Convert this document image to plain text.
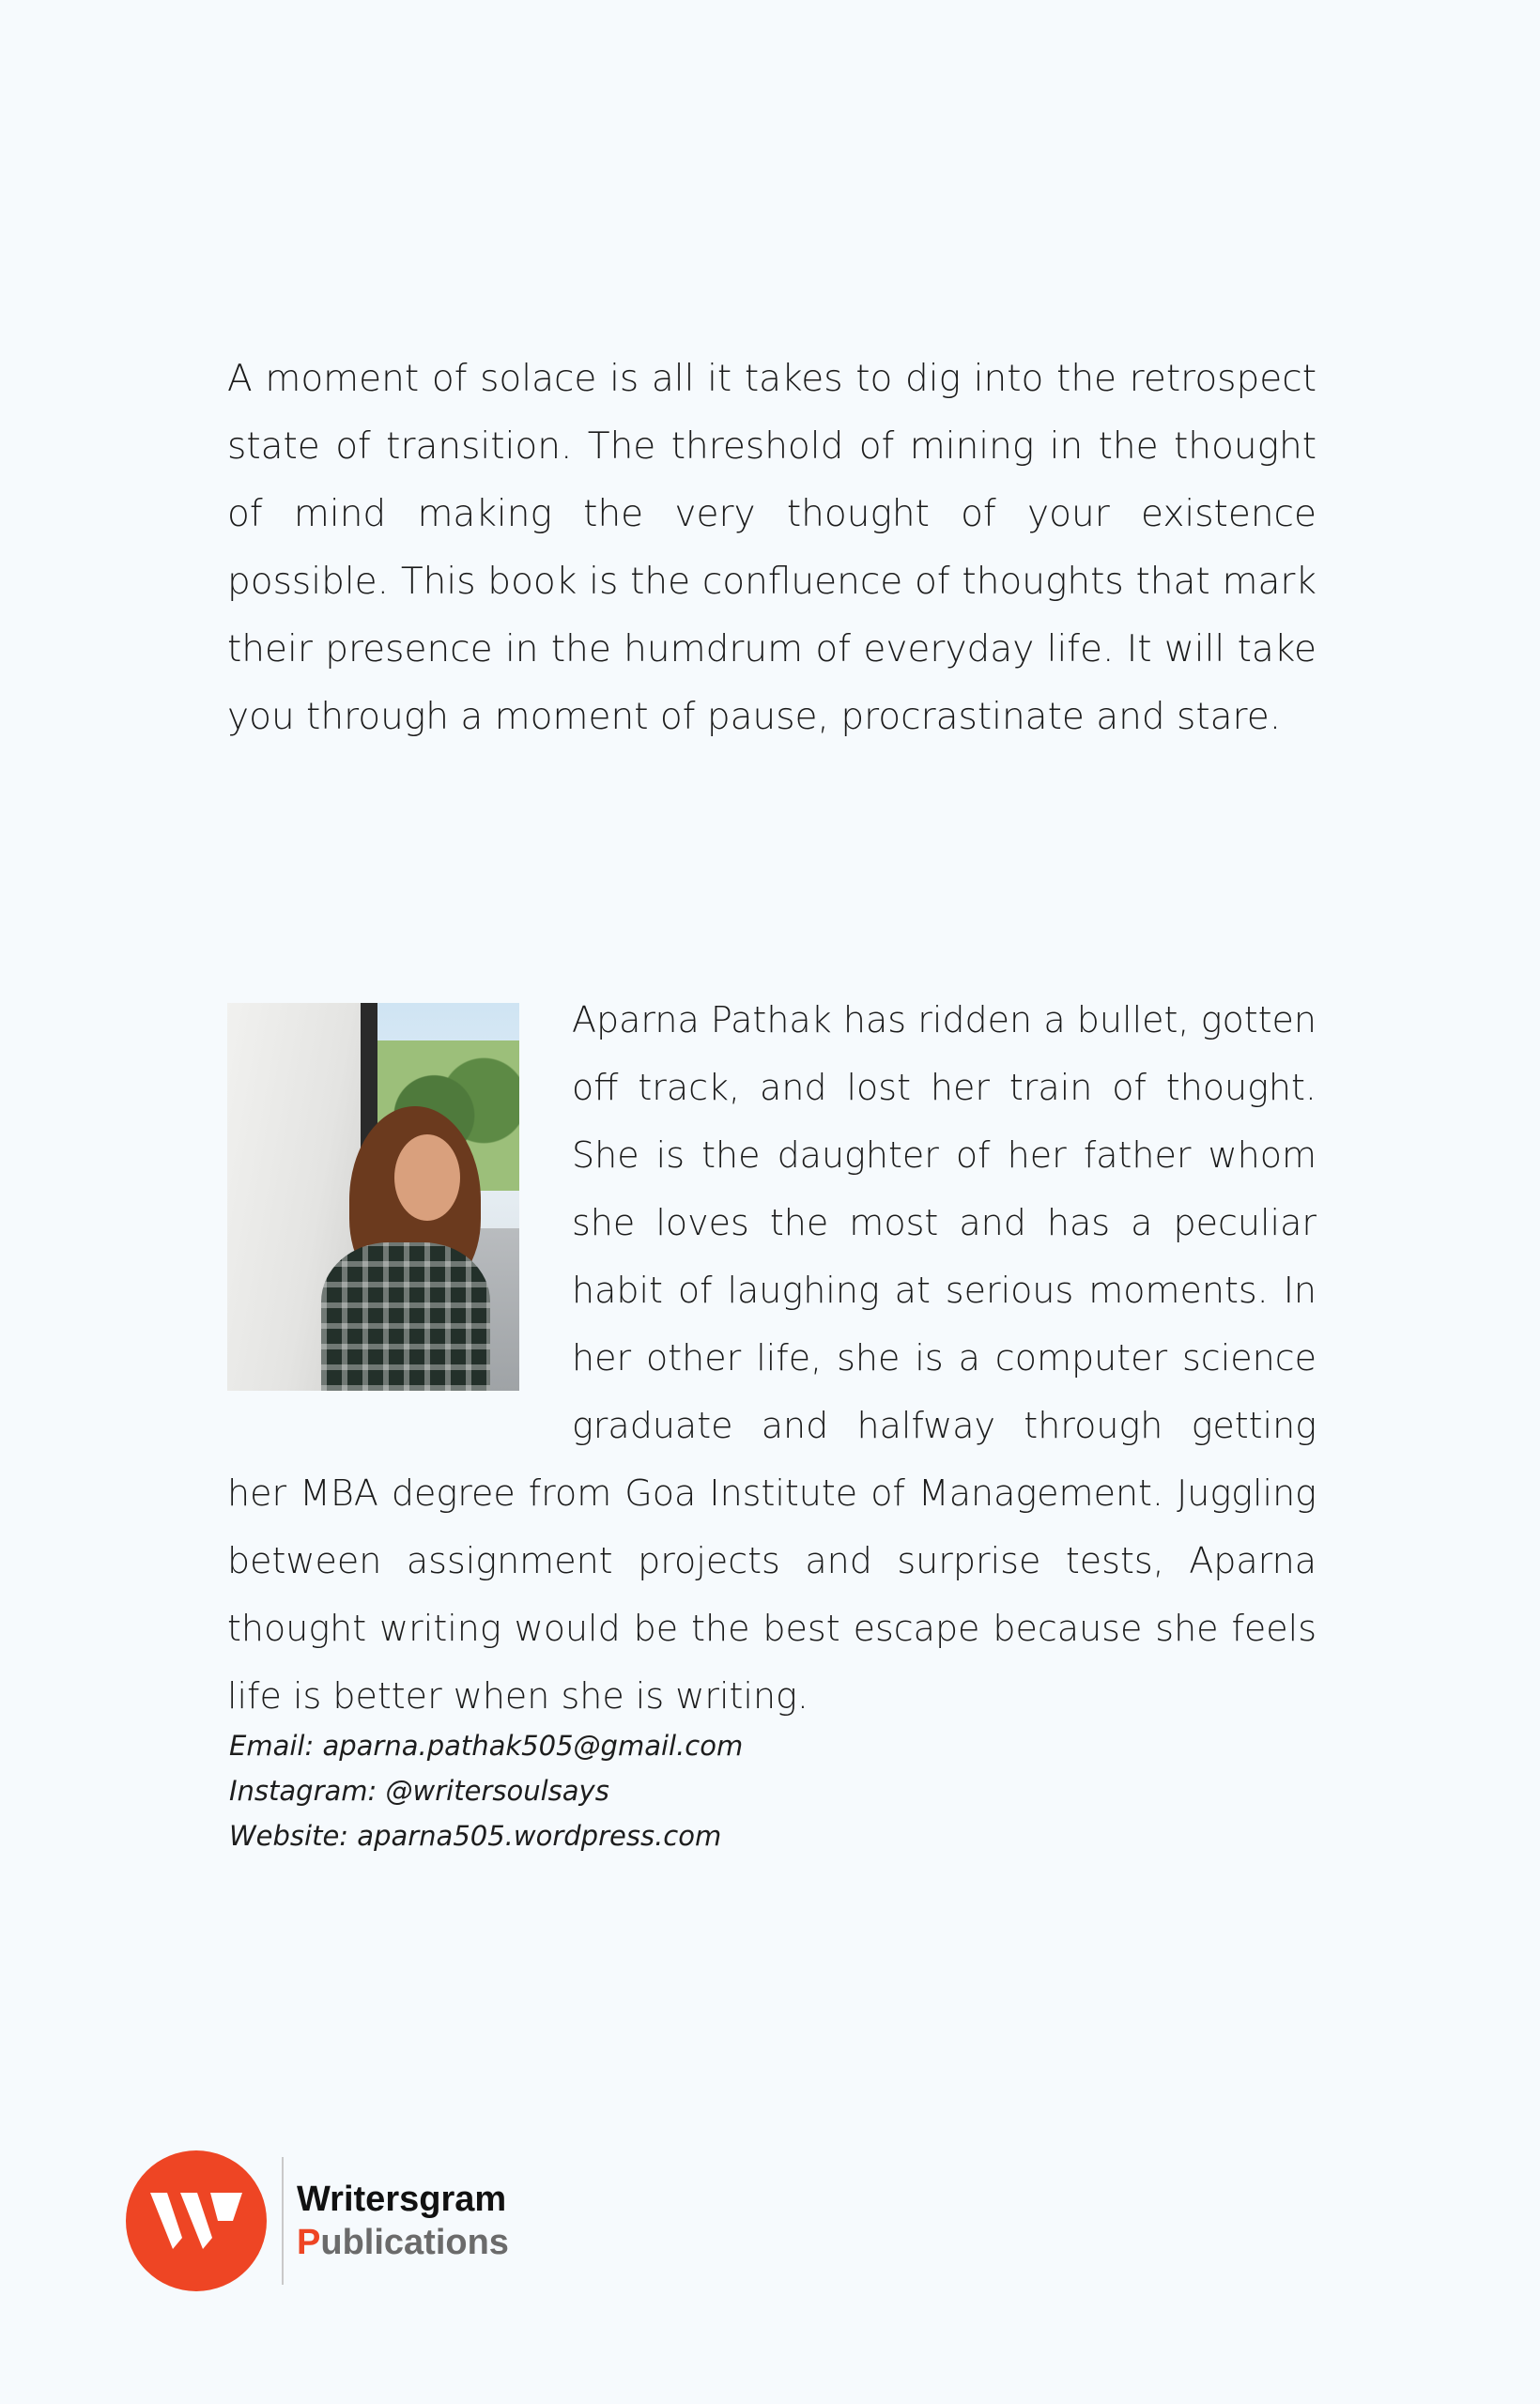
A moment of solace is all it takes to dig into the retrospect state of transition. The threshold of mining in the thought of mind making the very thought of your existence possible. This book is the confluence of thoughts that mark their presence in the humdrum of everyday life. It will take you through a moment of pause, procrastinate and stare.

Aparna Pathak has ridden a bullet, gotten off track, and lost her train of thought. She is the daughter of her father whom she loves the most and has a peculiar habit of laughing at serious moments. In her other life, she is a computer science graduate and halfway through getting her MBA degree from Goa Institute of Management. Juggling between assignment projects and surprise tests, Aparna thought writing would be the best escape because she feels life is better when she is writing.
Email: aparna.pathak505@gmail.com
Instagram: @writersoulsays
Website: aparna505.wordpress.com
Writersgram
Publications
